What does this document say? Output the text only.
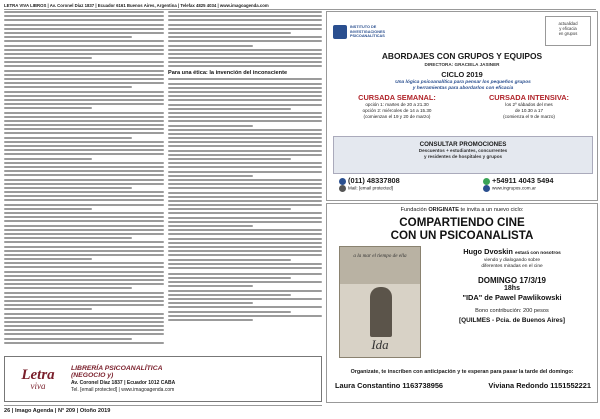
LETRA VIVA LIBROS | Av. Coronel Díaz 1837 | Ecuador 6161 Buenos Aires, Argentina | Telefax 4825 4034 | www.imagoagenda.com
Para una ética: la invención del inconsciente
Letra
viva
LIBRERÍA PSICOANALÍTICA
(NEGOCIO y)
Av. Coronel Díaz 1837 | Ecuador 1012 CABA
Tel. [email protected] | www.imagoagenda.com
26 | Imago Agenda | N° 209 | Otoño 2019
INSTITUTO DE
INVESTIGACIONES
PSICOANALÍTICAS
actualidad
y eficacia
en grupos
ABORDAJES CON GRUPOS Y EQUIPOS
DIRECTORA: GRACIELA JASINER
CICLO 2019
Una lógica psicoanalítica para pensar los pequeños grupos
y herramientas para abordarlos con eficacia
CURSADA SEMANAL:
opción 1: martes de 20 a 21.30
opción 2: miércoles de 14 a 15.30
(comienzan el 19 y 20 de marzo)
CURSADA INTENSIVA:
los 2º sábados del mes
de 10.30 a 17
(comienza el 9 de marzo)
CONSULTAR PROMOCIONES
Descuentos + estudiantes, concurrentes
y residentes de hospitales y grupos
(011) 48337808
Mail: [email protected]
+54911 4043 5494
www.ingrupos.com.ar
Fundación ORIGINATE te invita a un nuevo ciclo:
COMPARTIENDO CINE
CON UN PSICOANALISTA
a la mar el tiempo de ella
Ida
Hugo Dvoskin estará con nosotros
viendo y dialogando sobre
diferentes miradas en el cine
DOMINGO 17/3/19
18hs
"IDA" de Pawel Pawlikowski
Bono contribución: 200 pesos
[QUILMES - Pcia. de Buenos Aires]
Organizate, te inscriben con anticipación y te esperan para pasar la tarde del domingo:
Laura Constantino 1163738956	Viviana Redondo 1151552221
